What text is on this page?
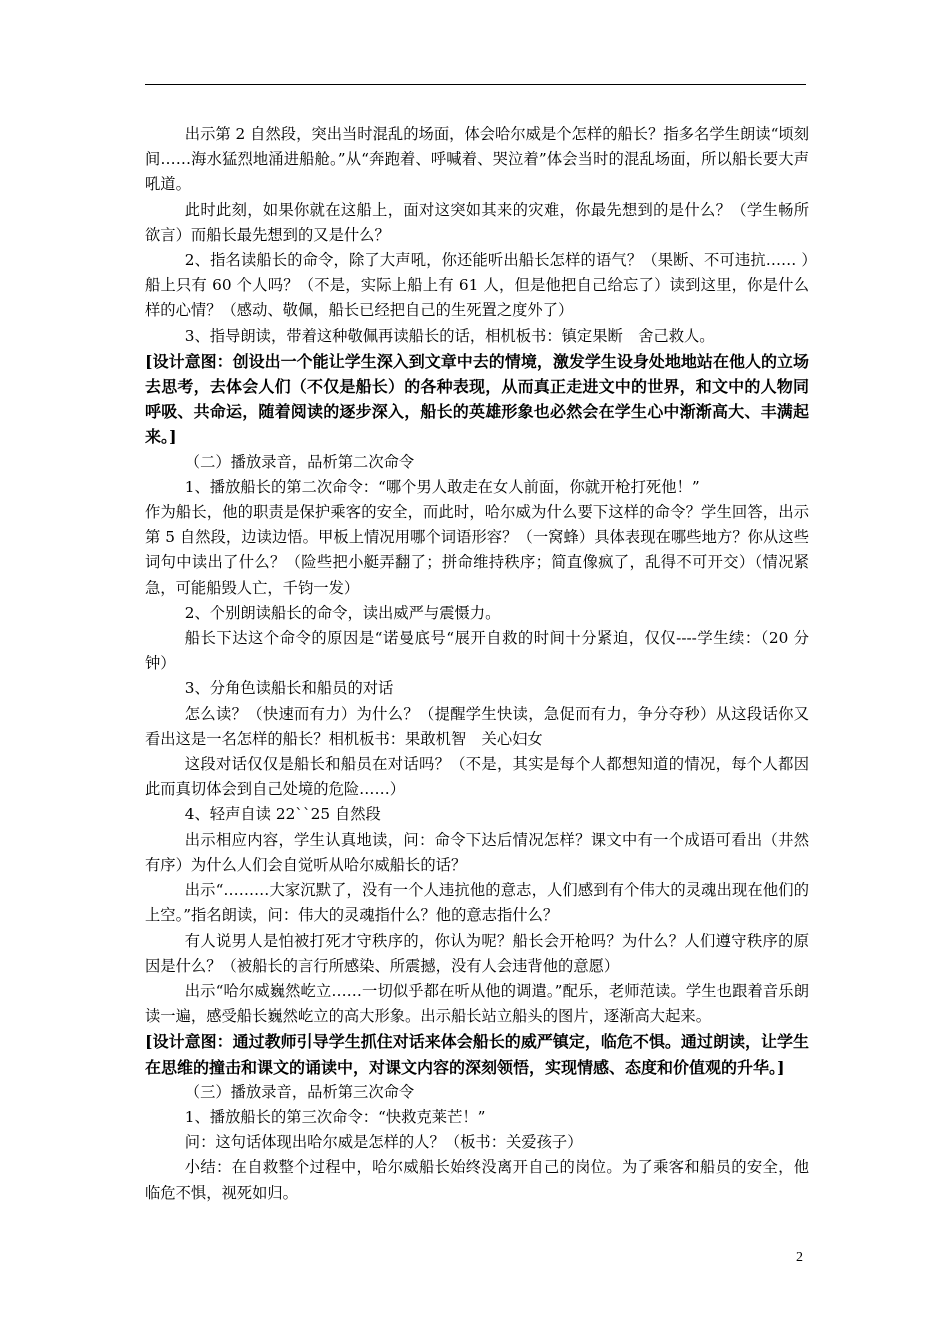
出示第 2 自然段，突出当时混乱的场面，体会哈尔威是个怎样的船长？指多名学生朗读“顷刻间……海水猛烈地涌进船舱。”从“奔跑着、呼喊着、哭泣着”体会当时的混乱场面，所以船长要大声吼道。

此时此刻，如果你就在这船上，面对这突如其来的灾难，你最先想到的是什么？（学生畅所欲言）而船长最先想到的又是什么？

2、指名读船长的命令，除了大声吼，你还能听出船长怎样的语气？（果断、不可违抗…… ）船上只有 60 个人吗？（不是，实际上船上有 61 人，但是他把自己给忘了）读到这里，你是什么样的心情？（感动、敬佩，船长已经把自己的生死置之度外了）

3、指导朗读，带着这种敬佩再读船长的话，相机板书：镇定果断　舍己救人。

[设计意图：创设出一个能让学生深入到文章中去的情境，激发学生设身处地地站在他人的立场去思考，去体会人们（不仅是船长）的各种表现，从而真正走进文中的世界，和文中的人物同呼吸、共命运，随着阅读的逐步深入，船长的英雄形象也必然会在学生心中渐渐高大、丰满起来。]

（二）播放录音，品析第二次命令

1、播放船长的第二次命令：“哪个男人敢走在女人前面，你就开枪打死他！”

作为船长，他的职责是保护乘客的安全，而此时，哈尔威为什么要下这样的命令？学生回答，出示第 5 自然段，边读边悟。甲板上情况用哪个词语形容？（一窝蜂）具体表现在哪些地方？你从这些词句中读出了什么？（险些把小艇弄翻了；拼命维持秩序；简直像疯了，乱得不可开交）（情况紧急，可能船毁人亡，千钧一发）

2、个别朗读船长的命令，读出威严与震慑力。

船长下达这个命令的原因是“诺曼底号“展开自救的时间十分紧迫，仅仅----学生续：（20 分钟）

3、分角色读船长和船员的对话

怎么读？（快速而有力）为什么？（提醒学生快读，急促而有力，争分夺秒）从这段话你又看出这是一名怎样的船长？相机板书：果敢机智　关心妇女

这段对话仅仅是船长和船员在对话吗？（不是，其实是每个人都想知道的情况，每个人都因此而真切体会到自己处境的危险……）

4、轻声自读 22``25 自然段

出示相应内容，学生认真地读，问：命令下达后情况怎样？课文中有一个成语可看出（井然有序）为什么人们会自觉听从哈尔威船长的话？

出示“………大家沉默了，没有一个人违抗他的意志，人们感到有个伟大的灵魂出现在他们的上空。”指名朗读，问：伟大的灵魂指什么？他的意志指什么？

有人说男人是怕被打死才守秩序的，你认为呢？船长会开枪吗？为什么？人们遵守秩序的原因是什么？（被船长的言行所感染、所震撼，没有人会违背他的意愿）

出示“哈尔威巍然屹立……一切似乎都在听从他的调遣。”配乐，老师范读。学生也跟着音乐朗读一遍，感受船长巍然屹立的高大形象。出示船长站立船头的图片，逐渐高大起来。

[设计意图：通过教师引导学生抓住对话来体会船长的威严镇定，临危不惧。通过朗读，让学生在思维的撞击和课文的诵读中，对课文内容的深刻领悟，实现情感、态度和价值观的升华。]

（三）播放录音，品析第三次命令

1、播放船长的第三次命令：“快救克莱芒！”

问：这句话体现出哈尔威是怎样的人？（板书：关爱孩子）

小结：在自救整个过程中，哈尔威船长始终没离开自己的岗位。为了乘客和船员的安全，他临危不惧，视死如归。

2
